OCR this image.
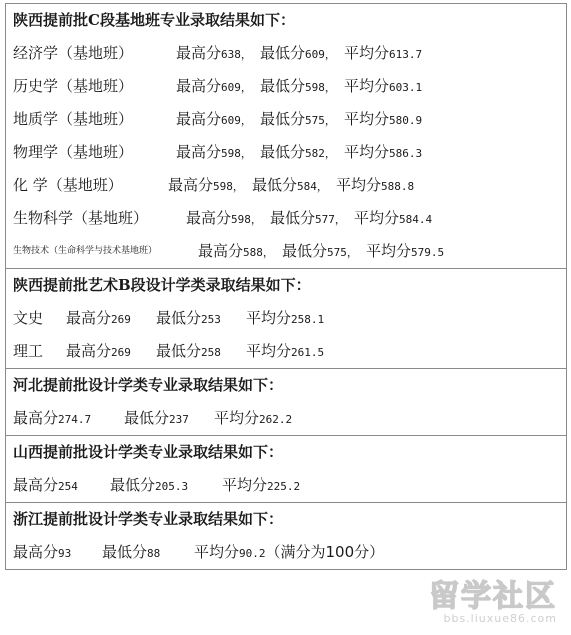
陕西提前批C段基地班专业录取结果如下：
经济学（基地班）	最高分638， 最低分609， 平均分613.7
历史学（基地班）	最高分609， 最低分598， 平均分603.1
地质学（基地班）	最高分609， 最低分575， 平均分580.9
物理学（基地班）	最高分598， 最低分582， 平均分586.3
化 学（基地班）	最高分598， 最低分584， 平均分588.8
生物科学（基地班）	最高分598， 最低分577， 平均分584.4
生物技术（生命科学与技术基地班）	最高分588， 最低分575， 平均分579.5
陕西提前批艺术B段设计学类录取结果如下：
文史 最高分269 最低分253 平均分258.1
理工 最高分269 最低分258 平均分261.5
河北提前批设计学类专业录取结果如下：
最高分274.7 最低分237 平均分262.2
山西提前批设计学类专业录取结果如下：
最高分254 最低分205.3 平均分225.2
浙江提前批设计学类专业录取结果如下：
最高分93 最低分88 平均分90.2（满分为100分）
留学社区
bbs.liuxue86.com
